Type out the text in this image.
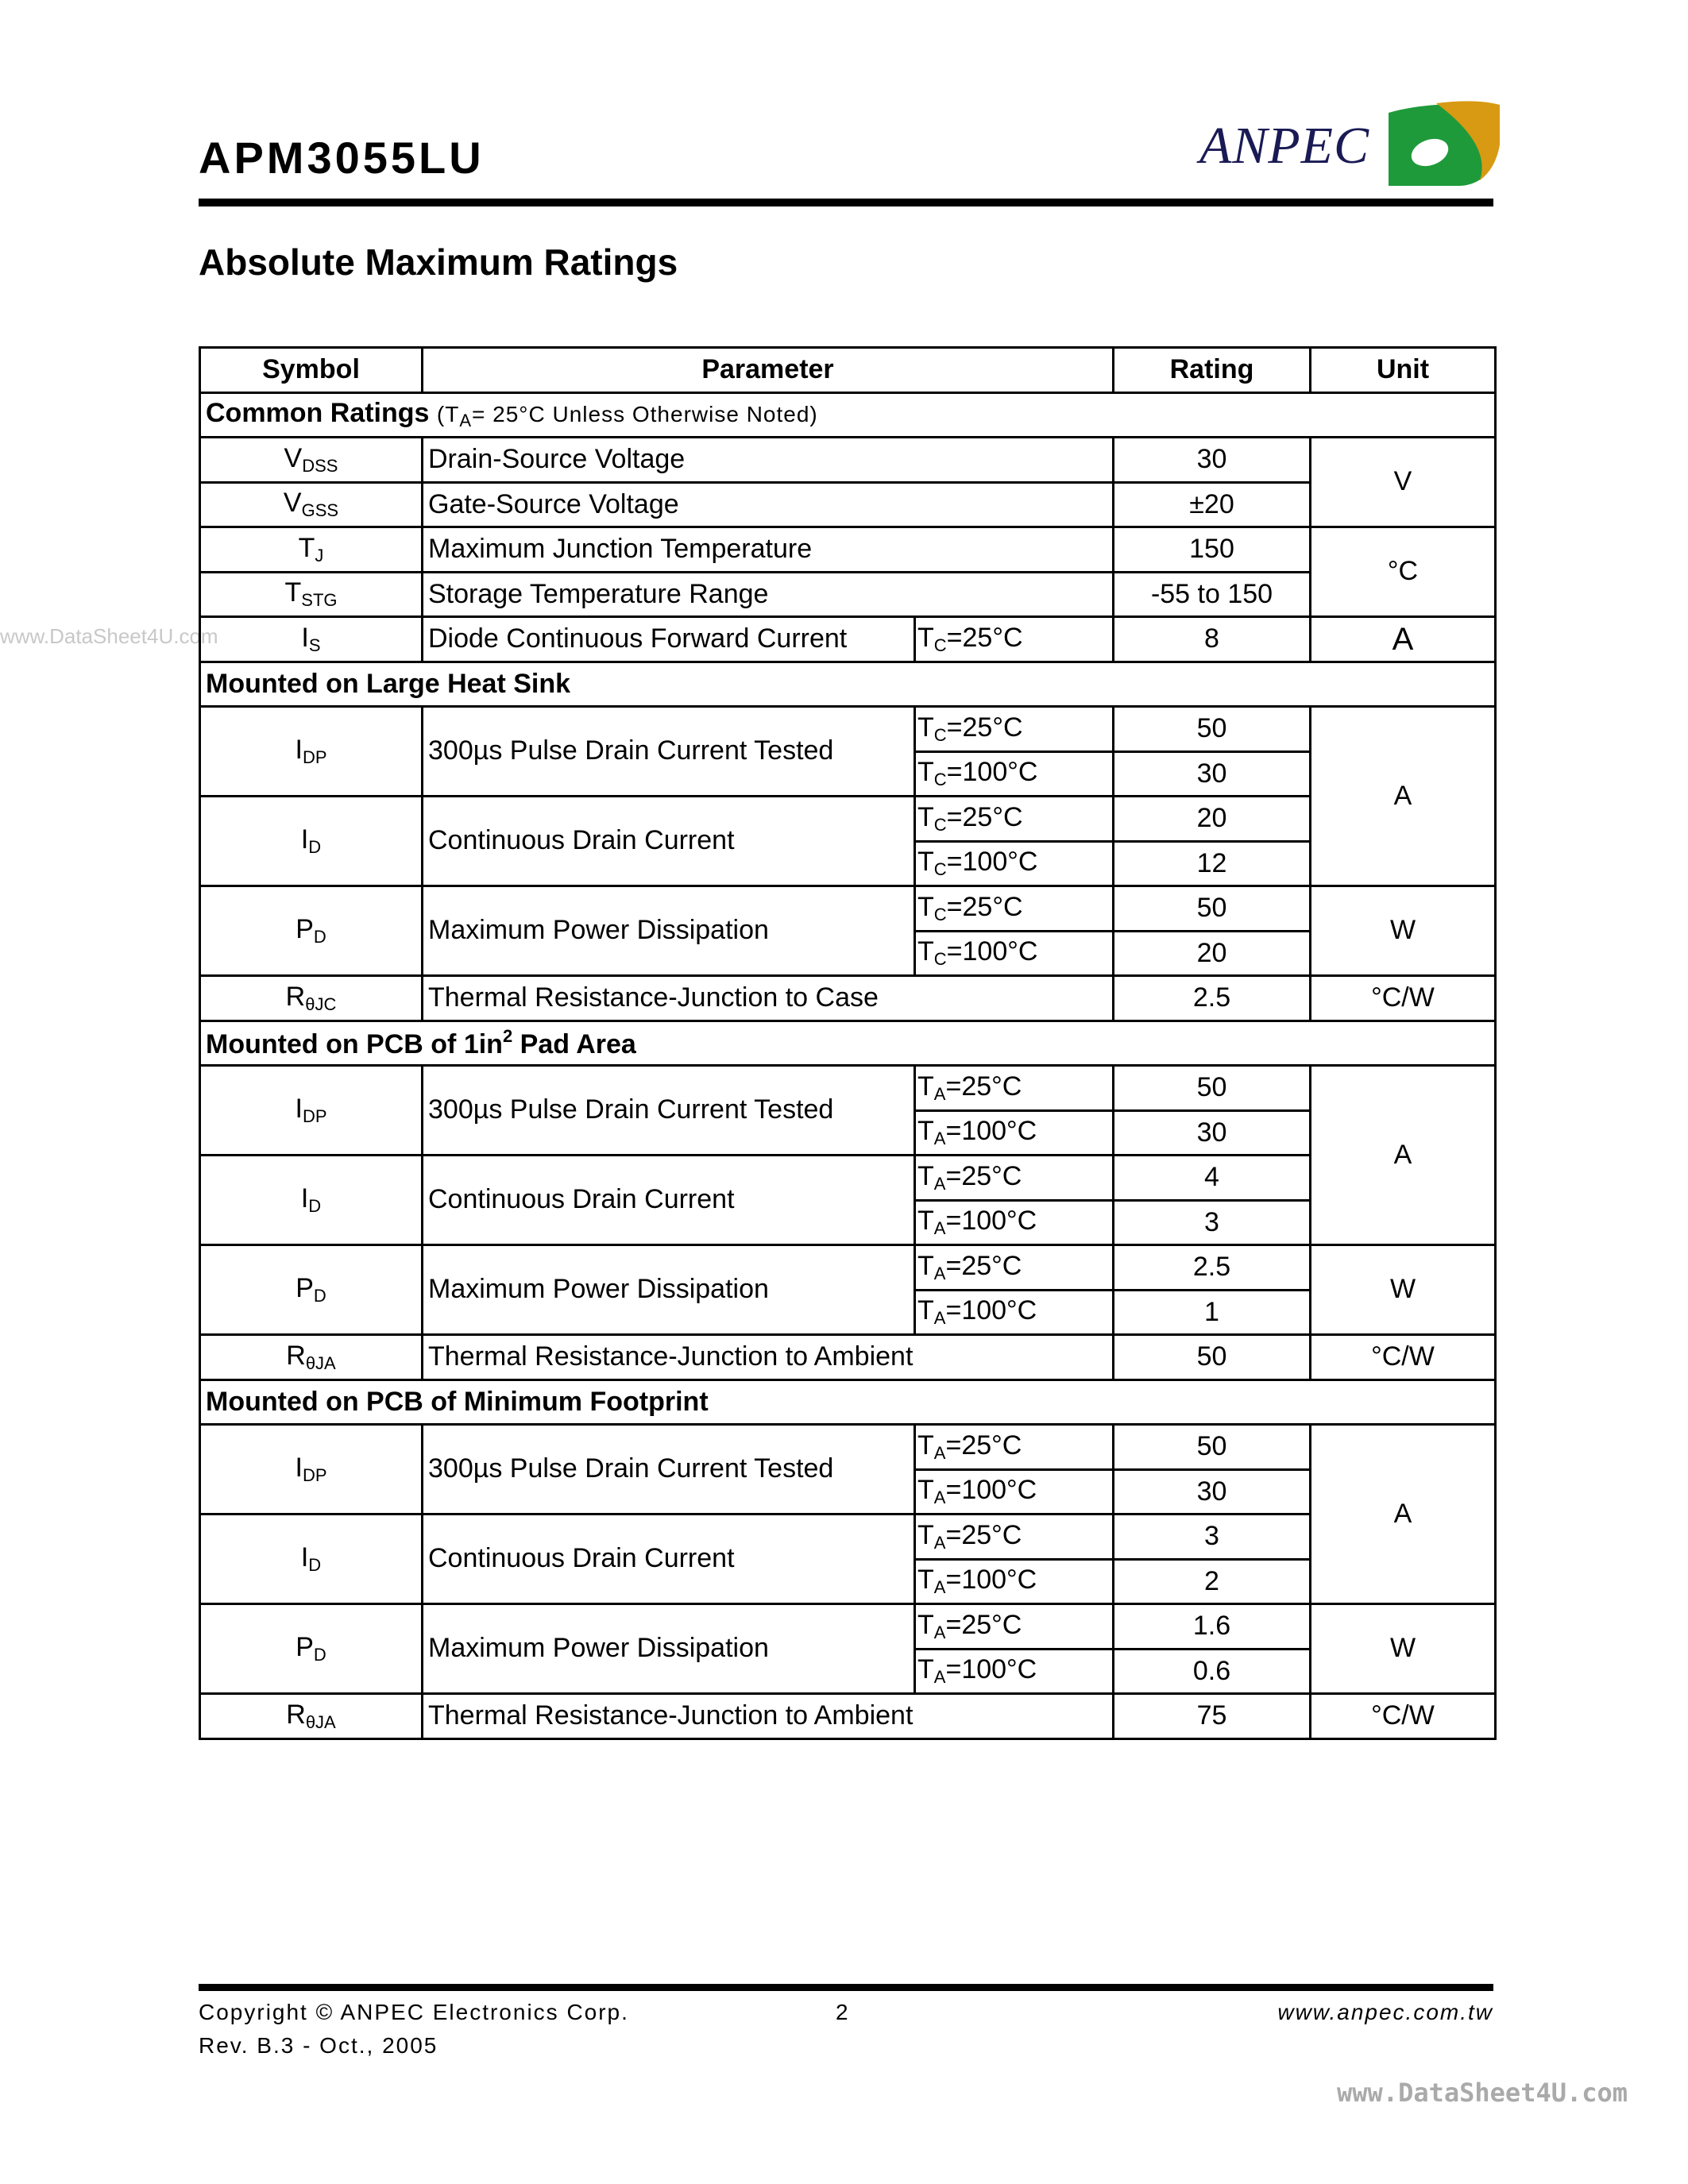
APM3055LU	ANPEC
Absolute Maximum Ratings
www.DataSheet4U.com
Symbol	Parameter		Rating	Unit
Common Ratings ($T_A= 25^\circ C$ Unless Otherwise Noted)				
$V_{DSS}$	Drain-Source Voltage		30	V
$V_{GSS}$	Gate-Source Voltage		±20	
$T_J$	Maximum Junction Temperature		150	°C
$T_{STG}$	Storage Temperature Range		-55 to 150	
$I_S$	Diode Continuous Forward Current	$T_C=25^\circ C$	8	A
Mounted on Large Heat Sink				
$I_{DP}$	300µs Pulse Drain Current Tested	$T_C=25^\circ C$	50	A
		$T_C=100^\circ C$	30	
$I_D$	Continuous Drain Current	$T_C=25^\circ C$	20	
		$T_C=100^\circ C$	12	
$P_D$	Maximum Power Dissipation	$T_C=25^\circ C$	50	W
		$T_C=100^\circ C$	20	
$R_{\theta JC}$	Thermal Resistance-Junction to Case		2.5	°C/W
Mounted on PCB of $1in^2$ Pad Area				
$I_{DP}$	300µs Pulse Drain Current Tested	$T_A=25^\circ C$	50	A
		$T_A=100^\circ C$	30	
$I_D$	Continuous Drain Current	$T_A=25^\circ C$	4	
		$T_A=100^\circ C$	3	
$P_D$	Maximum Power Dissipation	$T_A=25^\circ C$	2.5	W
		$T_A=100^\circ C$	1	
$R_{\theta JA}$	Thermal Resistance-Junction to Ambient		50	°C/W
Mounted on PCB of Minimum Footprint				
$I_{DP}$	300µs Pulse Drain Current Tested	$T_A=25^\circ C$	50	A
		$T_A=100^\circ C$	30	
$I_D$	Continuous Drain Current	$T_A=25^\circ C$	3	
		$T_A=100^\circ C$	2	
$P_D$	Maximum Power Dissipation	$T_A=25^\circ C$	1.6	W
		$T_A=100^\circ C$	0.6	
$R_{\theta JA}$	Thermal Resistance-Junction to Ambient		75	°C/W
Copyright © ANPEC Electronics Corp.	2	www.anpec.com.tw
Rev. B.3 - Oct., 2005
www.DataSheet4U.com
